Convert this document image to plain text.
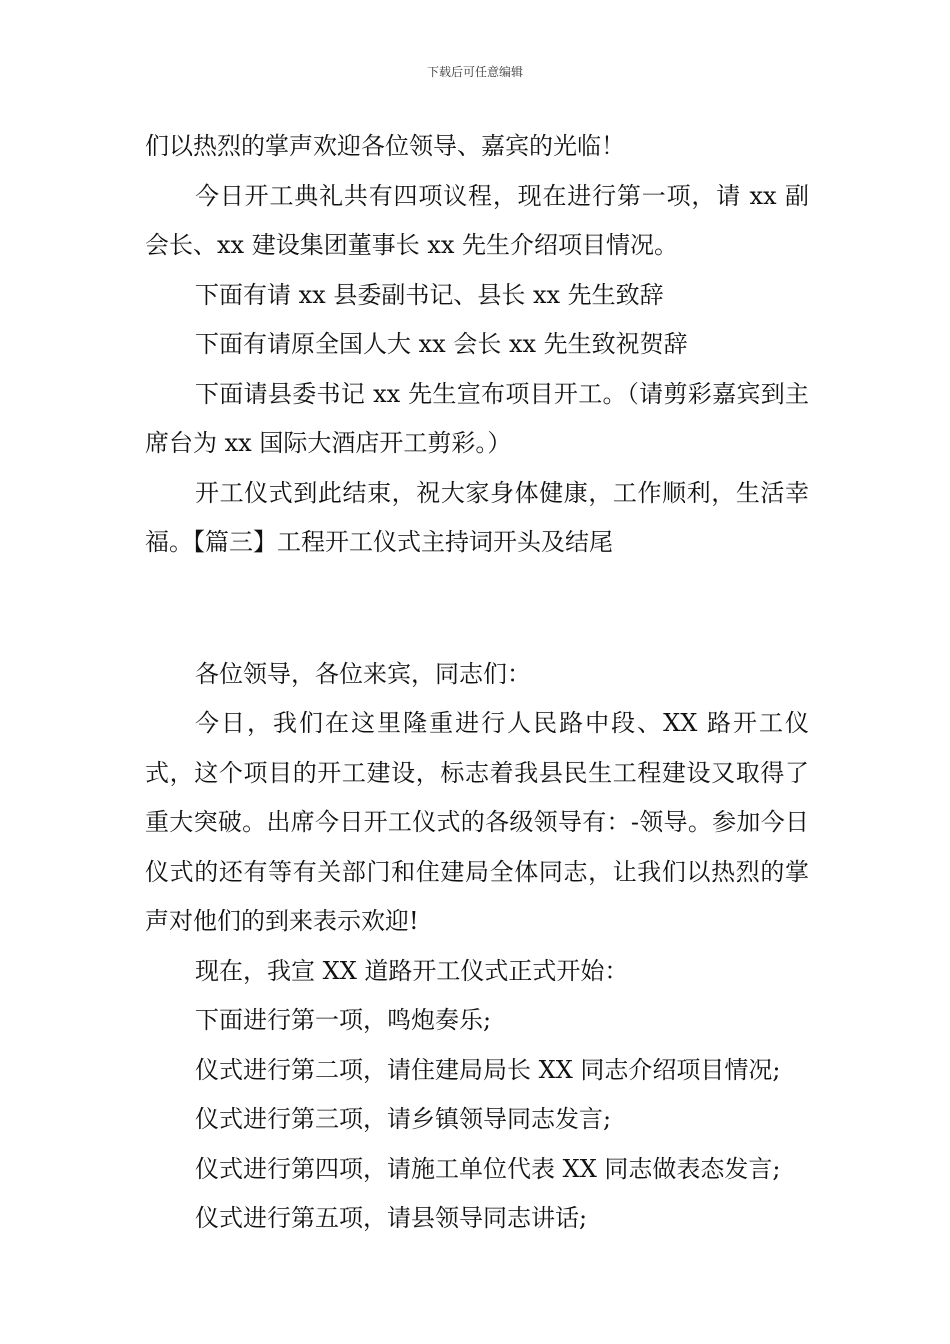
下载后可任意编辑

们以热烈的掌声欢迎各位领导、嘉宾的光临！

今日开工典礼共有四项议程，现在进行第一项，请 xx 副会长、xx 建设集团董事长 xx 先生介绍项目情况。

下面有请 xx 县委副书记、县长 xx 先生致辞

下面有请原全国人大 xx 会长 xx 先生致祝贺辞

下面请县委书记 xx 先生宣布项目开工。（请剪彩嘉宾到主席台为 xx 国际大酒店开工剪彩。）

开工仪式到此结束，祝大家身体健康，工作顺利，生活幸福。【篇三】工程开工仪式主持词开头及结尾

各位领导，各位来宾，同志们：

今日，我们在这里隆重进行人民路中段、XX 路开工仪式，这个项目的开工建设，标志着我县民生工程建设又取得了重大突破。出席今日开工仪式的各级领导有：-领导。参加今日仪式的还有等有关部门和住建局全体同志，让我们以热烈的掌声对他们的到来表示欢迎!

现在，我宣 XX 道路开工仪式正式开始：

下面进行第一项，鸣炮奏乐;

仪式进行第二项，请住建局局长 XX 同志介绍项目情况;

仪式进行第三项，请乡镇领导同志发言;

仪式进行第四项，请施工单位代表 XX 同志做表态发言;

仪式进行第五项，请县领导同志讲话;
